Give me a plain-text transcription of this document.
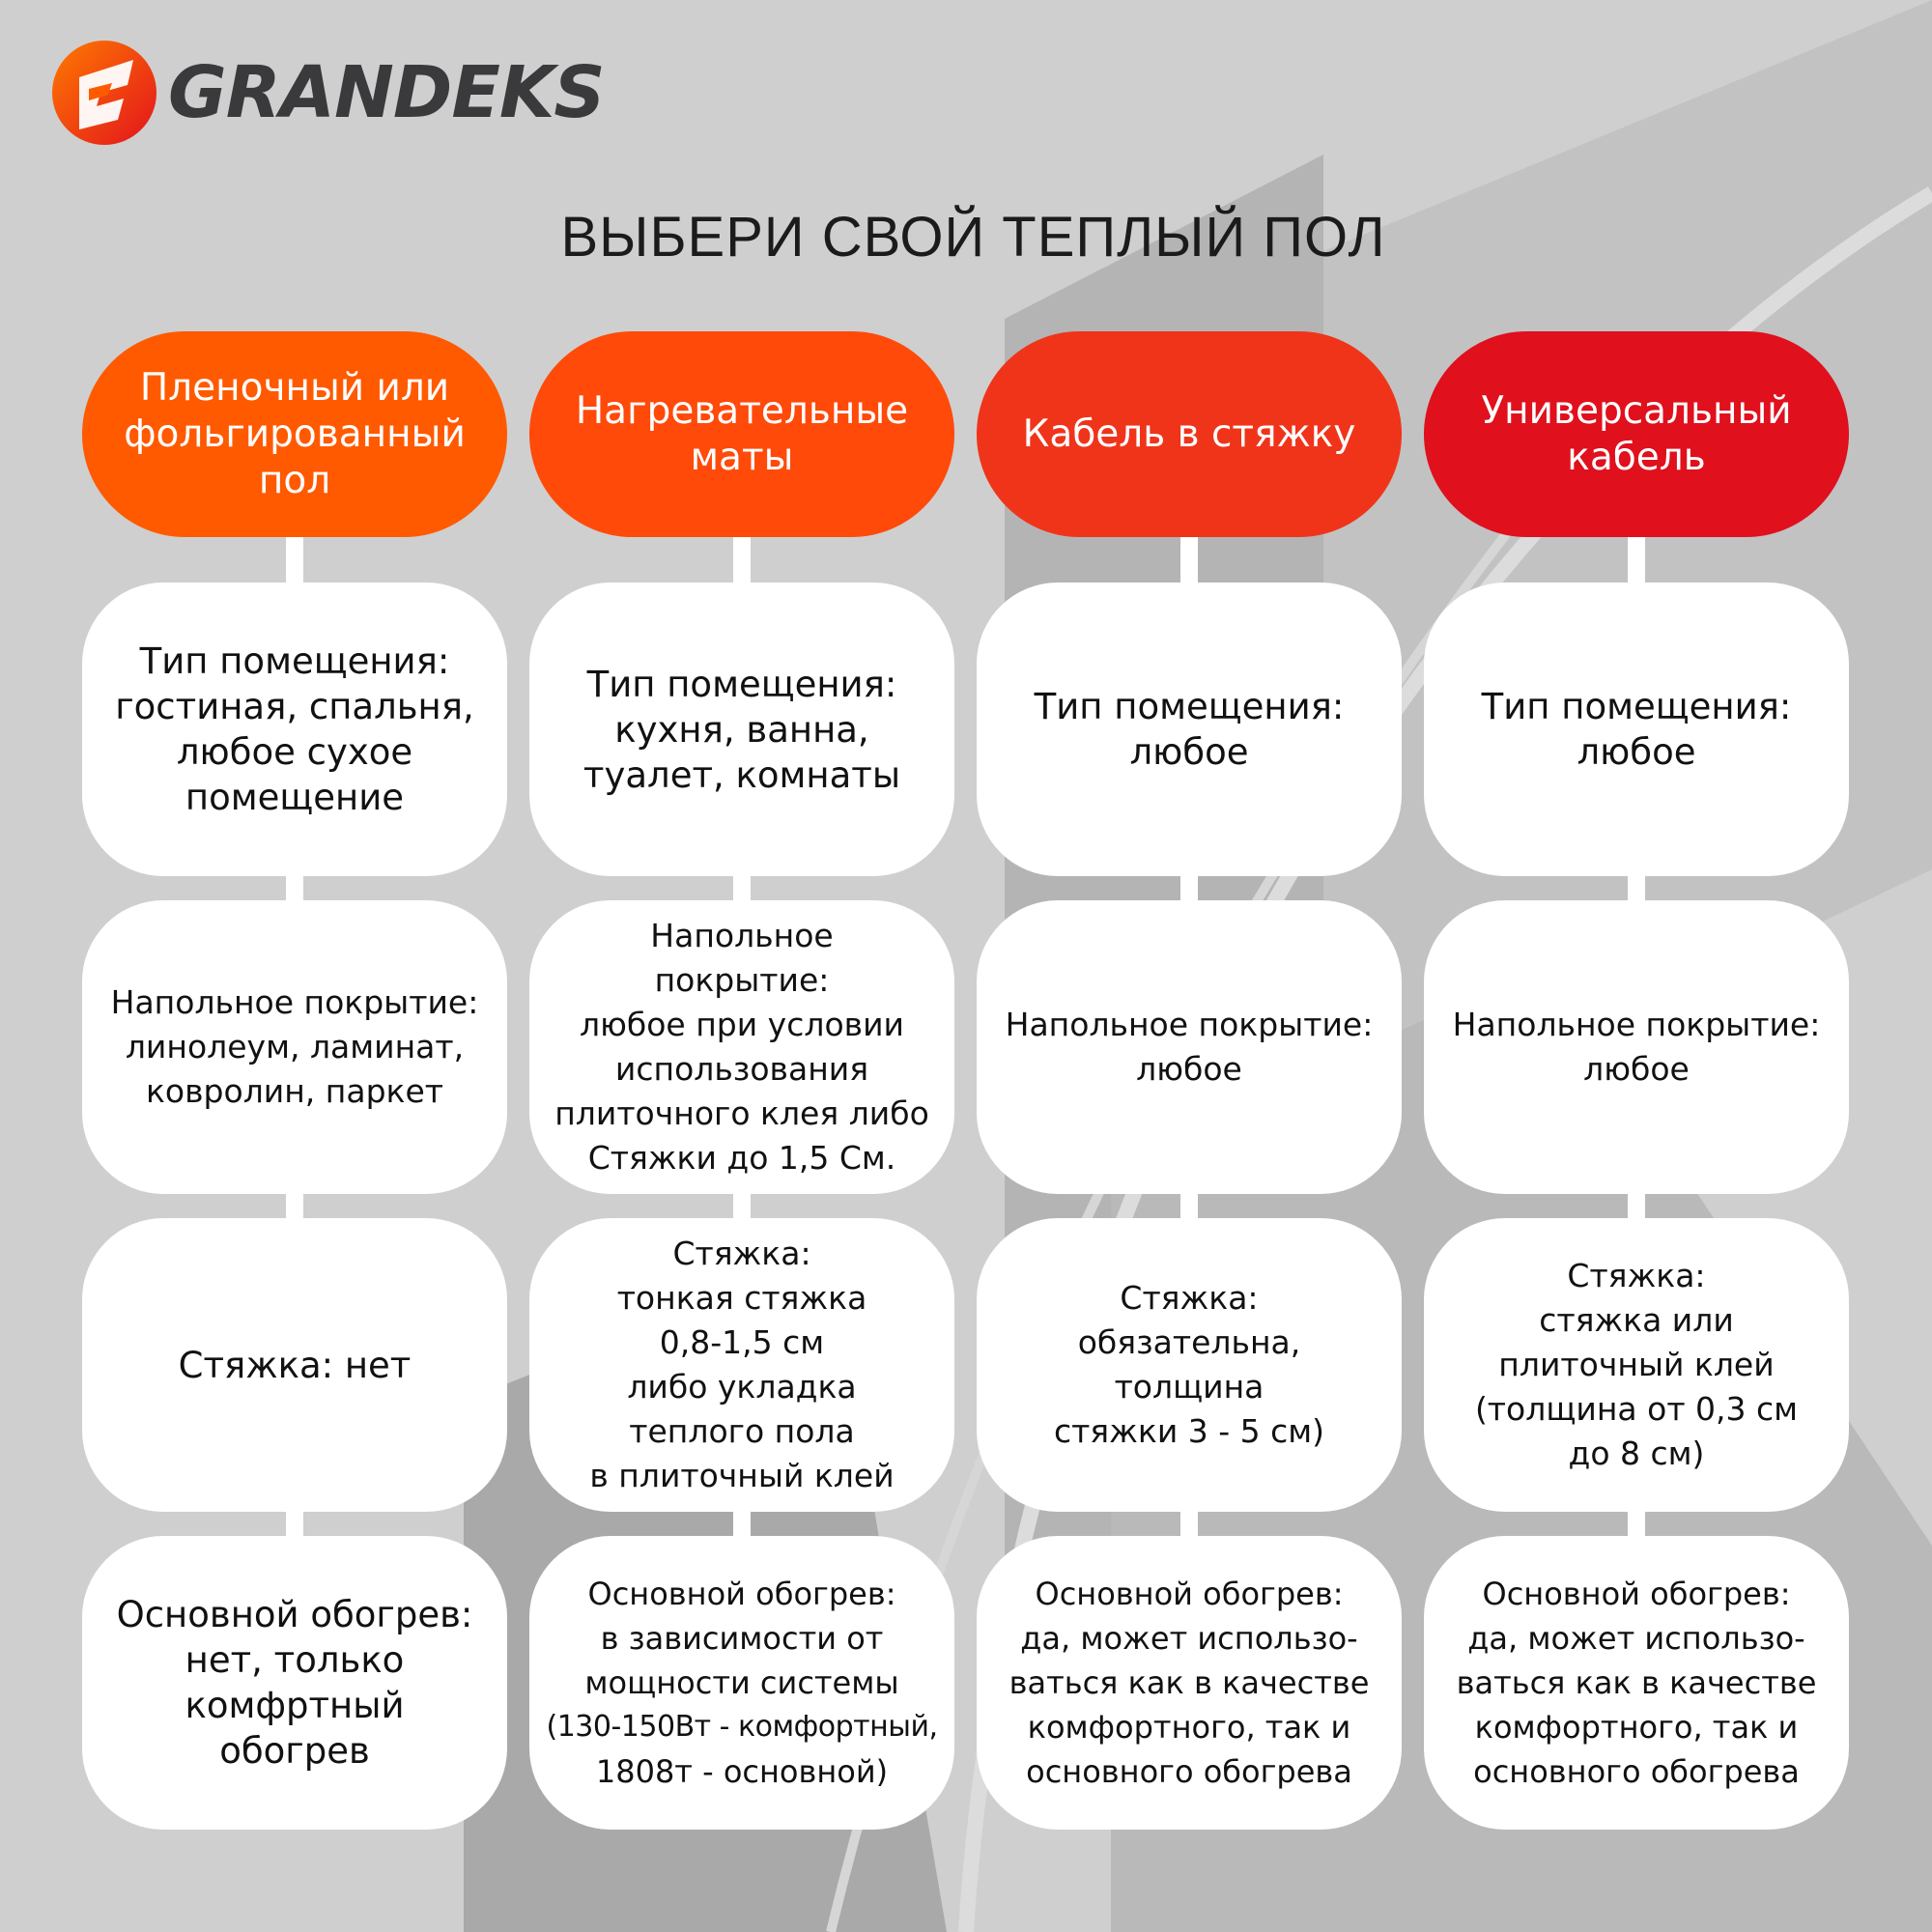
GRANDEKS
ВЫБЕРИ СВОЙ ТЕПЛЫЙ ПОЛ
Пленочный или
фольгированный
пол
Тип помещения:
гостиная, спальня,
любое сухое
помещение
Напольное покрытие:
линолеум, ламинат,
ковролин, паркет
Стяжка: нет
Основной обогрев:
нет, только
комфртный
обогрев
Нагревательные
маты
Тип помещения:
кухня, ванна,
туалет, комнаты
Напольное
покрытие:
любое при условии
использования
плиточного клея либо
Стяжки до 1,5 См.
Стяжка:
тонкая стяжка
0,8-1,5 см
либо укладка
теплого пола
в плиточный клей
Основной обогрев:
в зависимости от
мощности системы
(130-150Вт - комфортный,
1808т - основной)
Кабель в стяжку
Тип помещения:
любое
Напольное покрытие:
любое
Стяжка:
обязательна,
толщина
стяжки 3 - 5 см)
Основной обогрев:
да, может использо-
ваться как в качестве
комфортного, так и
основного обогрева
Универсальный
кабель
Тип помещения:
любое
Напольное покрытие:
любое
Стяжка:
стяжка или
плиточный клей
(толщина от 0,3 см
до 8 см)
Основной обогрев:
да, может использо-
ваться как в качестве
комфортного, так и
основного обогрева
